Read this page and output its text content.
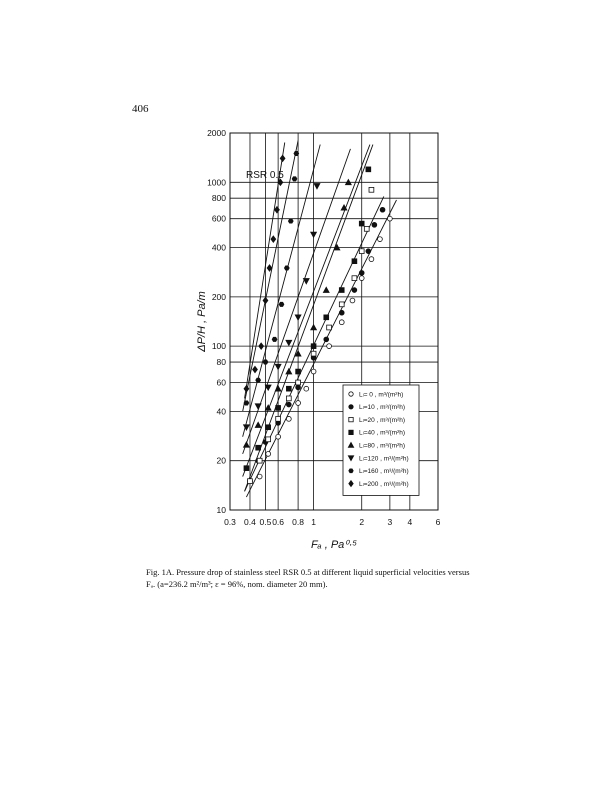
406
0.3 0.4 0.5 0.6 0.8 1	2	3 4	6
10
20
40
60
80
100
200
400
600
800
1000
2000
RSR 0.5
Lₗ= 0 , m³/(m²h)
Lₗ=10 , m³/(m²h)
Lₗ=20 , m³/(m²h)
Lₗ=40 , m³/(m²h)
Lₗ=80 , m³/(m²h)
Lₗ=120 , m³/(m²h)
Lₗ=160 , m³/(m²h)
Lₗ=200 , m³/(m²h)
Fₐ , Pa⁰·⁵
ΔP/H , Pa/m
Fig. 1A. Pressure drop of stainless steel RSR 0.5 at different liquid superficial velocities versus
Fₐ. (a=236.2 m²/m³; ε = 96%, nom. diameter 20 mm).
